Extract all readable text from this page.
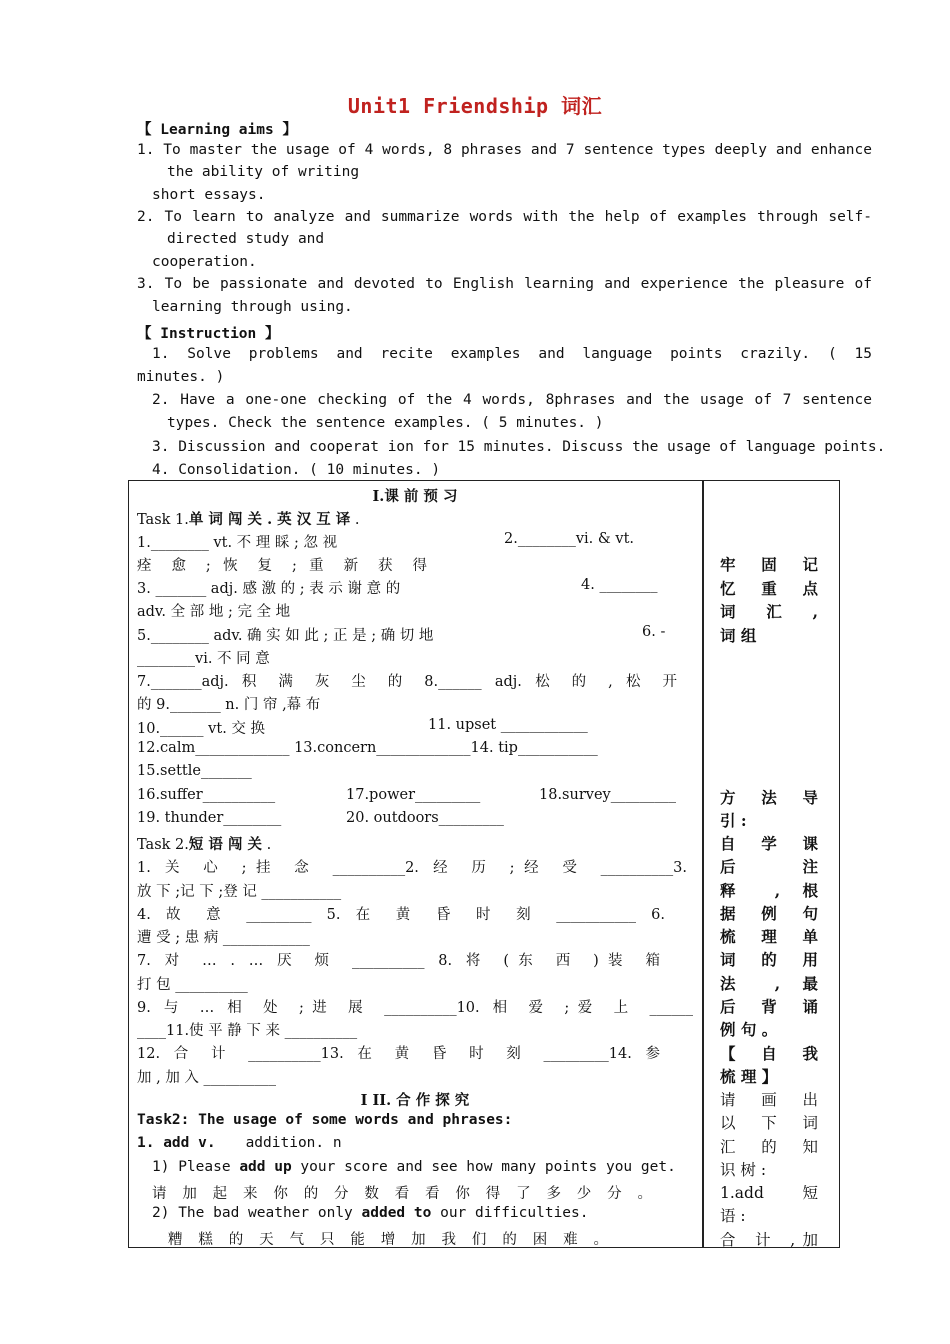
Unit1 Friendship 词汇
【 Learning aims 】
1. To master the usage of 4 words, 8 phrases and 7 sentence types deeply and enhance
the ability of writing
short essays.
2. To learn to analyze and summarize words with the help of examples through self-
directed study and
cooperation.
3. To be passionate and devoted to English learning and experience the pleasure of
learning through using.
【 Instruction 】
1. Solve problems and recite examples and language points crazily. ( 15
minutes. )
2. Have a one-one checking of the 4 words, 8phrases and the usage of 7 sentence
types. Check the sentence examples. ( 5 minutes. )
3. Discussion and cooperat ion for 15 minutes. Discuss the usage of language points.
4. Consolidation. ( 10 minutes. )
I.课 前 预 习
Task 1.单 词 闯 关 . 英 汉 互 译 .
1.________ vt. 不 理 睬 ; 忽 视	2.________vi. & vt.
痊 愈 ; 恢 复 ; 重 新 获 得
3. _______ adj. 感 激 的 ; 表 示 谢 意 的	4. ________
adv. 全 部 地 ; 完 全 地
5.________ adv. 确 实 如 此 ; 正 是 ; 确 切 地	6. -
________vi. 不 同 意
7._______adj. 积 满 灰 尘 的 8.______ adj. 松 的 , 松 开
的 9._______ n. 门 帘 ,幕 布
10.______ vt. 交 换	11. upset ____________
12.calm_____________ 13.concern_____________14. tip___________
15.settle_______
16.suffer__________	17.power_________	18.survey_________
19. thunder________	20. outdoors_________
Task 2.短 语 闯 关 .
1. 关 心 ;挂 念 __________2. 经 历 ;经 受 __________3.
放 下 ;记 下 ;登 记 ___________
4. 故 意 _________ 5. 在 黄 昏 时 刻 ___________ 6.
遭 受 ; 患 病 ____________
7. 对 … . … 厌 烦 __________ 8. 将 (东 西 )装 箱
打 包 __________
9. 与 … 相 处 ;进 展 __________10. 相 爱 ;爱 上 ______
____11.使 平 静 下 来 __________
12. 合 计 __________13. 在 黄 昏 时 刻 _________14. 参
加 , 加 入 __________
I II. 合 作 探 究
Task2: The usage of some words and phrases:
1. add v. addition. n
1) Please add up your score and see how many points you get.
请 加 起 来 你 的 分 数 看 看 你 得 了 多 少 分 。
2) The bad weather only added to our difficulties.
糟 糕 的 天 气 只 能 增 加 我 们 的 困 难 。
牢 固 记
忆 重 点
词 汇 ,
词 组
方 法 导
引 :
自 学 课
后 注
释 , 根
据 例 句
梳 理 单
词 的 用
法 , 最
后 背 诵
例 句 。
【 自 我
梳 理 】
请 画 出
以 下 词
汇 的 知
识 树 :
1.add 短
语 :
合 计 ,加
